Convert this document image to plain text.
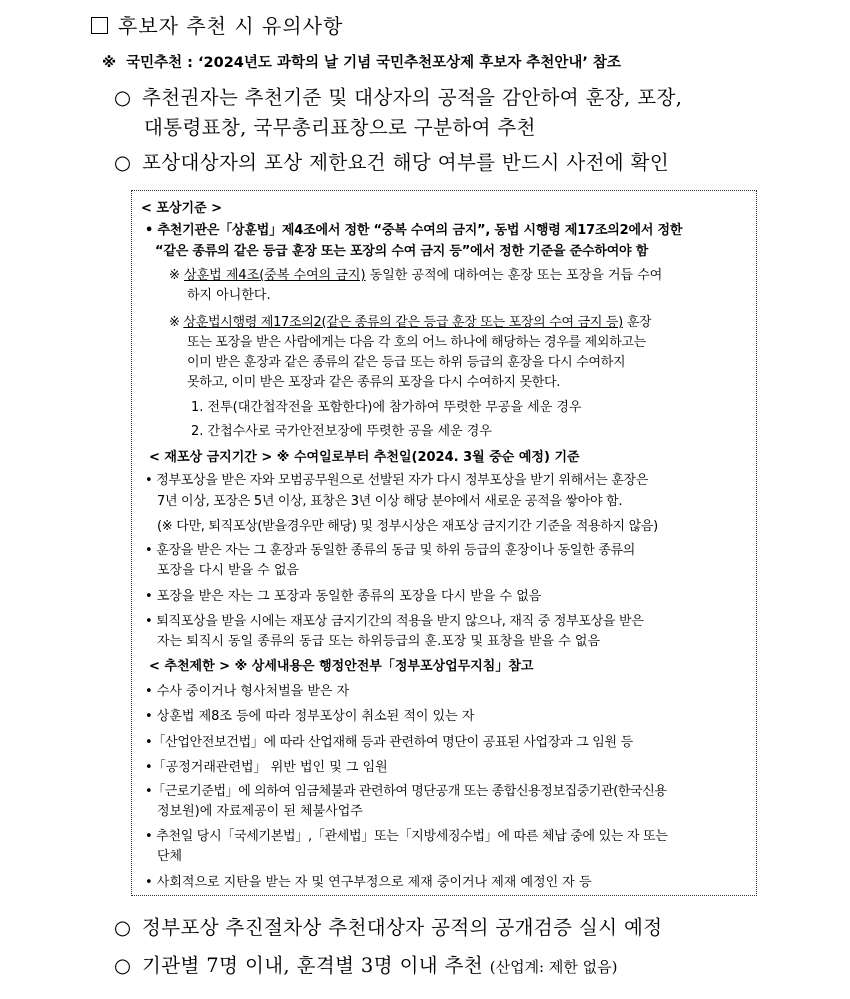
후보자 추천 시 유의사항
※ 국민추천 : ‘2024년도 과학의 날 기념 국민추천포상제 후보자 추천안내’ 참조
○ 추천권자는 추천기준 및 대상자의 공적을 감안하여 훈장, 포장,
대통령표창, 국무총리표창으로 구분하여 추천
○ 포상대상자의 포상 제한요건 해당 여부를 반드시 사전에 확인
< 포상기준 >
• 추천기관은「상훈법」제4조에서 정한 “중복 수여의 금지”, 동법 시행령 제17조의2에서 정한
“같은 종류의 같은 등급 훈장 또는 포장의 수여 금지 등”에서 정한 기준을 준수하여야 함
※ 상훈법 제4조(중복 수여의 금지) 동일한 공적에 대하여는 훈장 또는 포장을 거듭 수여
하지 아니한다.
※ 상훈법시행령 제17조의2(같은 종류의 같은 등급 훈장 또는 포장의 수여 금지 등) 훈장
또는 포장을 받은 사람에게는 다음 각 호의 어느 하나에 해당하는 경우를 제외하고는
이미 받은 훈장과 같은 종류의 같은 등급 또는 하위 등급의 훈장을 다시 수여하지
못하고, 이미 받은 포장과 같은 종류의 포장을 다시 수여하지 못한다.
1. 전투(대간첩작전을 포함한다)에 참가하여 뚜렷한 무공을 세운 경우
2. 간첩수사로 국가안전보장에 뚜렷한 공을 세운 경우
< 재포상 금지기간 > ※ 수여일로부터 추천일(2024. 3월 중순 예정) 기준
• 정부포상을 받은 자와 모범공무원으로 선발된 자가 다시 정부포상을 받기 위해서는 훈장은
7년 이상, 포장은 5년 이상, 표창은 3년 이상 해당 분야에서 새로운 공적을 쌓아야 함.
(※ 다만, 퇴직포상(받을경우만 해당) 및 정부시상은 재포상 금지기간 기준을 적용하지 않음)
• 훈장을 받은 자는 그 훈장과 동일한 종류의 동급 및 하위 등급의 훈장이나 동일한 종류의
포장을 다시 받을 수 없음
• 포장을 받은 자는 그 포장과 동일한 종류의 포장을 다시 받을 수 없음
• 퇴직포상을 받을 시에는 재포상 금지기간의 적용을 받지 않으나, 재직 중 정부포상을 받은
자는 퇴직시 동일 종류의 동급 또는 하위등급의 훈.포장 및 표창을 받을 수 없음
< 추천제한 > ※ 상세내용은 행정안전부「정부포상업무지침」참고
• 수사 중이거나 형사처벌을 받은 자
• 상훈법 제8조 등에 따라 정부포상이 취소된 적이 있는 자
•「산업안전보건법」에 따라 산업재해 등과 관련하여 명단이 공표된 사업장과 그 임원 등
•「공정거래관련법」 위반 법인 및 그 임원
•「근로기준법」에 의하여 임금체불과 관련하여 명단공개 또는 종합신용정보집중기관(한국신용
정보원)에 자료제공이 된 체불사업주
• 추천일 당시「국세기본법」,「관세법」또는「지방세징수법」에 따른 체납 중에 있는 자 또는
단체
• 사회적으로 지탄을 받는 자 및 연구부정으로 제재 중이거나 제재 예정인 자 등
○ 정부포상 추진절차상 추천대상자 공적의 공개검증 실시 예정
○ 기관별 7명 이내, 훈격별 3명 이내 추천 (산업계: 제한 없음)
